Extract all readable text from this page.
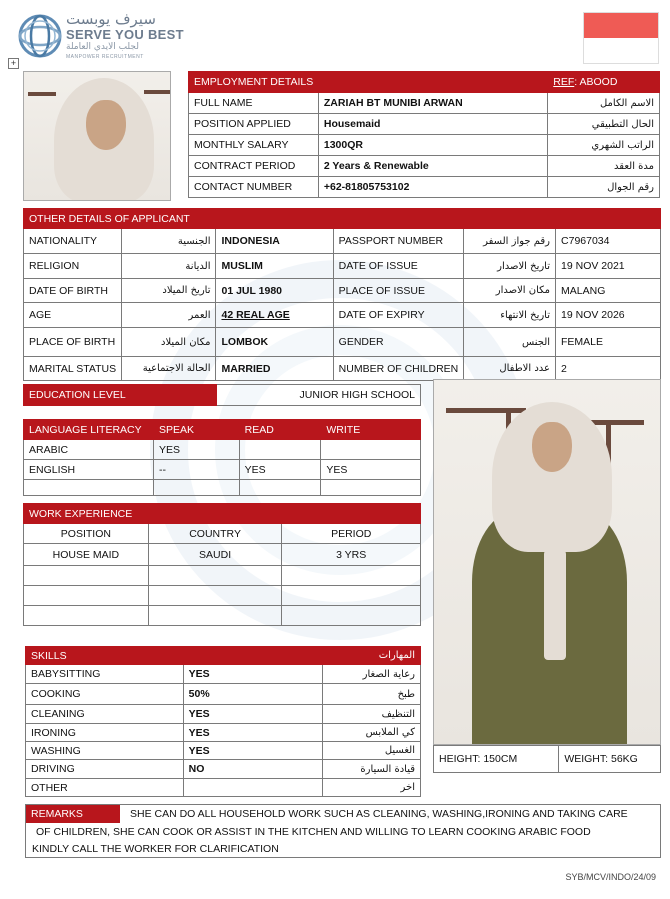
سيرف يوبست
SERVE YOU BEST
لجلب الايدي العاملة
MANPOWER RECRUITMENT
+
EMPLOYMENT DETAILS		REF: ABOOD
FULL NAME	ZARIAH BT MUNIBI ARWAN	الاسم الكامل
POSITION APPLIED	Housemaid	الحال التطبيقي
MONTHLY SALARY	1300QR	الراتب الشهري
CONTRACT PERIOD	2 Years & Renewable	مدة العقد
CONTACT NUMBER	+62-81805753102	رقم الجوال
OTHER DETAILS OF APPLICANT					
NATIONALITY	الجنسية	INDONESIA	PASSPORT NUMBER	رقم جواز السفر	C7967034
RELIGION	الديانة	MUSLIM	DATE OF ISSUE	تاريخ الاصدار	19 NOV 2021
DATE OF BIRTH	تاريخ الميلاد	01 JUL 1980	PLACE OF ISSUE	مكان الاصدار	MALANG
AGE	العمر	42 REAL AGE	DATE OF EXPIRY	تاريخ الانتهاء	19 NOV 2026
PLACE OF BIRTH	مكان الميلاد	LOMBOK	GENDER	الجنس	FEMALE
MARITAL STATUS	الحالة الاجتماعية	MARRIED	NUMBER OF CHILDREN	عدد الاطفال	2
EDUCATION LEVEL	JUNIOR HIGH SCHOOL
LANGUAGE LITERACY	SPEAK	READ	WRITE
ARABIC	YES		
ENGLISH	--	YES	YES

WORK EXPERIENCE		
POSITION	COUNTRY	PERIOD
HOUSE MAID	SAUDI	3 YRS

SKILLS		المهارات
BABYSITTING	YES	رعاية الصغار
COOKING	50%	طبخ
CLEANING	YES	التنظيف
IRONING	YES	كي الملابس
WASHING	YES	الغسيل
DRIVING	NO	قيادة السيارة
OTHER		اخر
HEIGHT: 150CM	WEIGHT: 56KG
REMARKS	SHE CAN DO ALL HOUSEHOLD WORK SUCH AS CLEANING, WASHING,IRONING AND TAKING CARE
OF CHILDREN, SHE CAN COOK OR ASSIST IN THE KITCHEN AND WILLING TO LEARN COOKING ARABIC FOOD
KINDLY CALL THE WORKER FOR CLARIFICATION
SYB/MCV/INDO/24/09
